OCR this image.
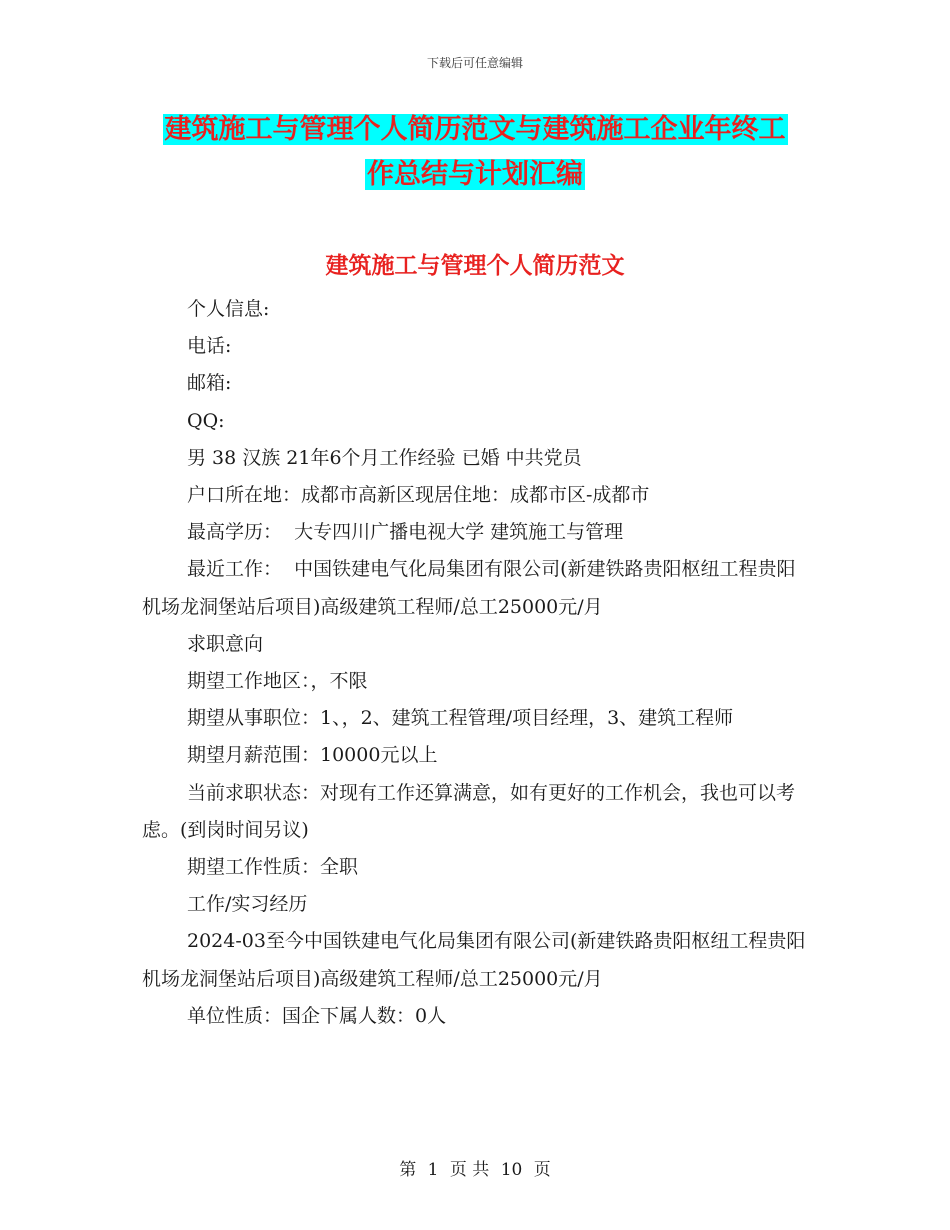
下载后可任意编辑
建筑施工与管理个人简历范文与建筑施工企业年终工
作总结与计划汇编
建筑施工与管理个人简历范文

个人信息:

电话:

邮箱:

QQ:

男 38 汉族 21年6个月工作经验 已婚 中共党员

户口所在地：成都市高新区现居住地：成都市区-成都市

最高学历：  大专四川广播电视大学 建筑施工与管理

最近工作：  中国铁建电气化局集团有限公司(新建铁路贵阳枢纽工程贵阳机场龙洞堡站后项目)高级建筑工程师/总工25000元/月

求职意向

期望工作地区：，不限

期望从事职位：1、，2、建筑工程管理/项目经理，3、建筑工程师

期望月薪范围：10000元以上

当前求职状态：对现有工作还算满意，如有更好的工作机会，我也可以考虑。(到岗时间另议)

期望工作性质：全职

工作/实习经历

2024-03至今中国铁建电气化局集团有限公司(新建铁路贵阳枢纽工程贵阳机场龙洞堡站后项目)高级建筑工程师/总工25000元/月

单位性质：国企下属人数：0人

第 1 页 共 10 页
